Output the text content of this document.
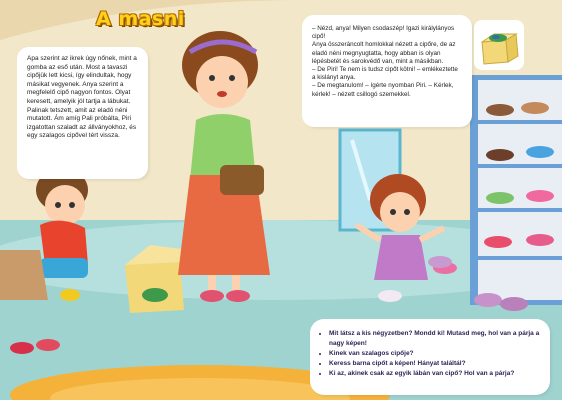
A masni

Apa szerint az ikrek úgy nőnek, mint a gomba az eső után. Most a tavaszi cipőjük lett kicsi, így elindultak, hogy másikat vegyenek. Anya szerint a megfelelő cipő nagyon fontos. Olyat keresett, amelyik jól tartja a lábukat. Palinak tetszett, amit az eladó néni mutatott. Ám amíg Pali próbálta, Piri izgatottan szaladt az állványokhoz, és egy szalagos cipővel tért vissza.

– Nézd, anya! Milyen csodaszép! Igazi királylányos cipő!

Anya összeráncolt homlokkal nézett a cipőre, de az eladó néni megnyugtatta, hogy abban is olyan lépésbetét és sarokvédő van, mint a másikban.

– De Piri! Te nem is tudsz cipőt kötni! – emlékeztette a kislányt anya.

– De megtanulom! – ígérte nyomban Piri. – Kérlek, kérlek! – nézett csillogó szemekkel.

• Mit látsz a kis négyzetben? Mondd ki! Mutasd meg, hol van a párja a nagy képen!
• Kinek van szalagos cipője?
• Keress barna cipőt a képen! Hányat találtál?
• Ki az, akinek csak az egyik lábán van cipő? Hol van a párja?
